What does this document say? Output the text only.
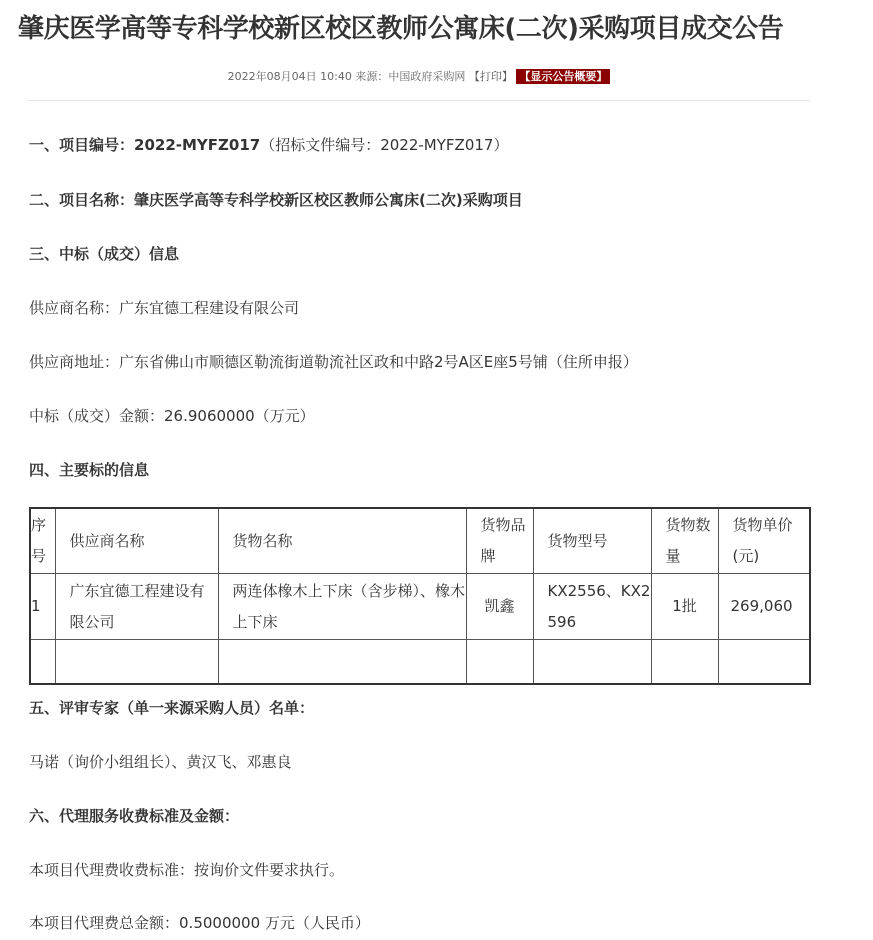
肇庆医学高等专科学校新区校区教师公寓床(二次)采购项目成交公告
2022年08月04日 10:40 来源：中国政府采购网 【打印】 【显示公告概要】
一、项目编号：2022-MYFZ017（招标文件编号：2022-MYFZ017）
二、项目名称：肇庆医学高等专科学校新区校区教师公寓床(二次)采购项目
三、中标（成交）信息
供应商名称：广东宜德工程建设有限公司
供应商地址：广东省佛山市顺德区勒流街道勒流社区政和中路2号A区E座5号铺（住所申报）
中标（成交）金额：26.9060000（万元）
四、主要标的信息
序号	供应商名称	货物名称	货物品牌	货物型号	货物数量	货物单价(元)
1	广东宜德工程建设有限公司	两连体橡木上下床（含步梯）、橡木上下床	凯鑫	KX2556、KX2596	1批	269,060

五、评审专家（单一来源采购人员）名单：
马诺（询价小组组长）、黄汉飞、邓惠良
六、代理服务收费标准及金额：
本项目代理费收费标准：按询价文件要求执行。
本项目代理费总金额：0.5000000 万元（人民币）
